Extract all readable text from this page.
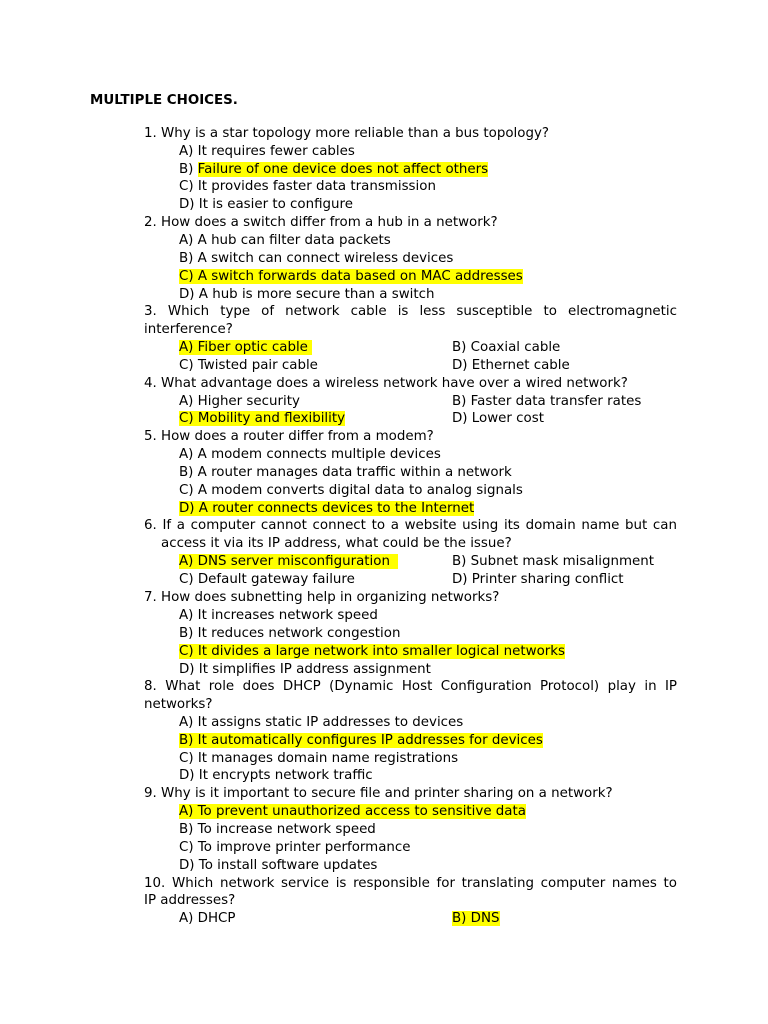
MULTIPLE CHOICES.
1. Why is a star topology more reliable than a bus topology?
A) It requires fewer cables
B) Failure of one device does not affect others
C) It provides faster data transmission
D) It is easier to configure
2. How does a switch differ from a hub in a network?
A) A hub can filter data packets
B) A switch can connect wireless devices
C) A switch forwards data based on MAC addresses
D) A hub is more secure than a switch
3. Which type of network cable is less susceptible to electromagnetic
interference?
A) Fiber optic cable	B) Coaxial cable
C) Twisted pair cable	D) Ethernet cable
4. What advantage does a wireless network have over a wired network?
A) Higher security	B) Faster data transfer rates
C) Mobility and flexibility	D) Lower cost
5. How does a router differ from a modem?
A) A modem connects multiple devices
B) A router manages data traffic within a network
C) A modem converts digital data to analog signals
D) A router connects devices to the Internet
6. If a computer cannot connect to a website using its domain name but can
access it via its IP address, what could be the issue?
A) DNS server misconfiguration	B) Subnet mask misalignment
C) Default gateway failure	D) Printer sharing conflict
7. How does subnetting help in organizing networks?
A) It increases network speed
B) It reduces network congestion
C) It divides a large network into smaller logical networks
D) It simplifies IP address assignment
8. What role does DHCP (Dynamic Host Configuration Protocol) play in IP
networks?
A) It assigns static IP addresses to devices
B) It automatically configures IP addresses for devices
C) It manages domain name registrations
D) It encrypts network traffic
9. Why is it important to secure file and printer sharing on a network?
A) To prevent unauthorized access to sensitive data
B) To increase network speed
C) To improve printer performance
D) To install software updates
10. Which network service is responsible for translating computer names to
IP addresses?
A) DHCP	B) DNS
